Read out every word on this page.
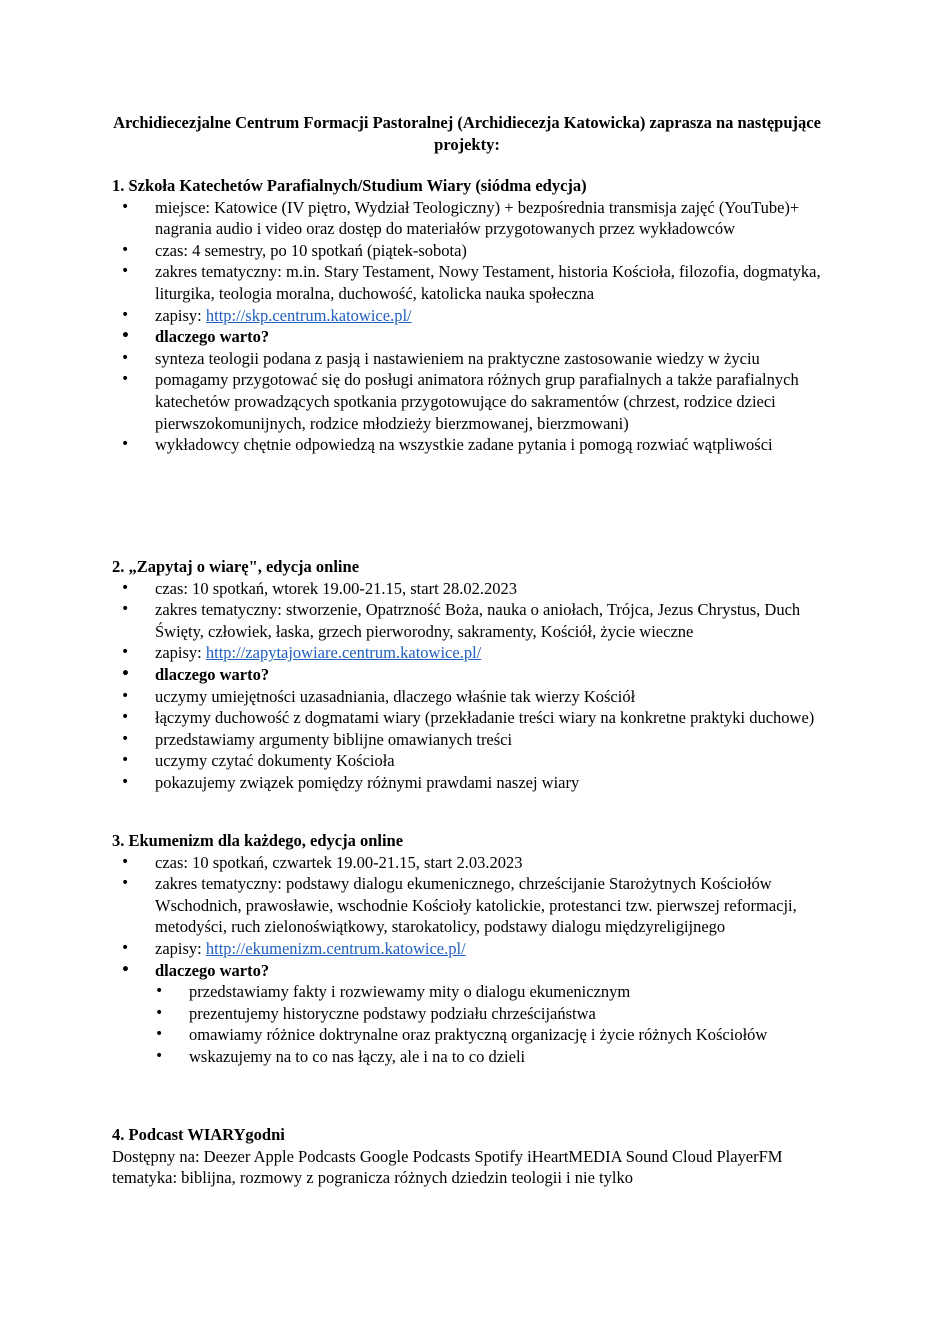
Archidiecezjalne Centrum Formacji Pastoralnej (Archidiecezja Katowicka) zaprasza na następujące projekty:

1. Szkoła Katechetów Parafialnych/Studium Wiary (siódma edycja)

• miejsce: Katowice (IV piętro, Wydział Teologiczny) + bezpośrednia transmisja zajęć (YouTube)+ nagrania audio i video oraz dostęp do materiałów przygotowanych przez wykładowców
• czas: 4 semestry, po 10 spotkań (piątek-sobota)
• zakres tematyczny: m.in. Stary Testament, Nowy Testament, historia Kościoła, filozofia, dogmatyka, liturgika, teologia moralna, duchowość, katolicka nauka społeczna
• zapisy: http://skp.centrum.katowice.pl/
• dlaczego warto?
• synteza teologii podana z pasją i nastawieniem na praktyczne zastosowanie wiedzy w życiu
• pomagamy przygotować się do posługi animatora różnych grup parafialnych a także parafialnych katechetów prowadzących spotkania przygotowujące do sakramentów (chrzest, rodzice dzieci pierwszokomunijnych, rodzice młodzieży bierzmowanej, bierzmowani)
• wykładowcy chętnie odpowiedzą na wszystkie zadane pytania i pomogą rozwiać wątpliwości

2. „Zapytaj o wiarę", edycja online

• czas: 10 spotkań, wtorek 19.00-21.15, start 28.02.2023
• zakres tematyczny: stworzenie, Opatrzność Boża, nauka o aniołach, Trójca, Jezus Chrystus, Duch Święty, człowiek, łaska, grzech pierworodny, sakramenty, Kościół, życie wieczne
• zapisy: http://zapytajowiare.centrum.katowice.pl/
• dlaczego warto?
• uczymy umiejętności uzasadniania, dlaczego właśnie tak wierzy Kościół
• łączymy duchowość z dogmatami wiary (przekładanie treści wiary na konkretne praktyki duchowe)
• przedstawiamy argumenty biblijne omawianych treści
• uczymy czytać dokumenty Kościoła
• pokazujemy związek pomiędzy różnymi prawdami naszej wiary

3. Ekumenizm dla każdego, edycja online

• czas: 10 spotkań, czwartek 19.00-21.15, start 2.03.2023
• zakres tematyczny: podstawy dialogu ekumenicznego, chrześcijanie Starożytnych Kościołów Wschodnich, prawosławie, wschodnie Kościoły katolickie, protestanci tzw. pierwszej reformacji, metodyści, ruch zielonoświątkowy, starokatolicy, podstawy dialogu międzyreligijnego
• zapisy: http://ekumenizm.centrum.katowice.pl/
• dlaczego warto?
• przedstawiamy fakty i rozwiewamy mity o dialogu ekumenicznym
• prezentujemy historyczne podstawy podziału chrześcijaństwa
• omawiamy różnice doktrynalne oraz praktyczną organizację i życie różnych Kościołów
• wskazujemy na to co nas łączy, ale i na to co dzieli

4. Podcast WIARYgodni

Dostępny na: Deezer Apple Podcasts Google Podcasts Spotify iHeartMEDIA Sound Cloud PlayerFM tematyka: biblijna, rozmowy z pogranicza różnych dziedzin teologii i nie tylko
